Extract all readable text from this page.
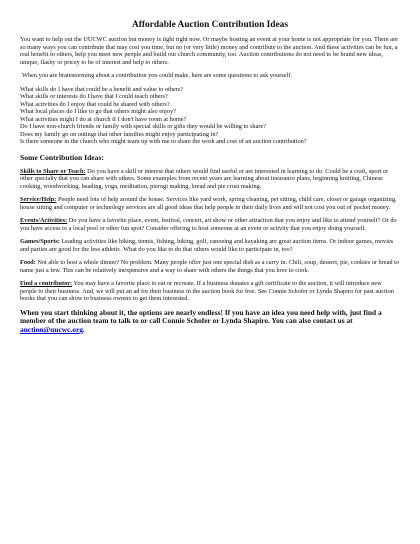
Affordable Auction Contribution Ideas

You want to help out the UUCWC auction but money is tight right now. Or maybe hosting an event at your home is not appropriate for you. There are so many ways you can contribute that may cost you time, but no (or very little) money and contribute to the auction. And these activities can be fun, a real benefit to others, help you meet new people and build our church community, too. Auction contributions do not need to be brand new ideas, unique, flashy or pricey to be of interest and help to others.

When you are brainstorming about a contribution you could make, here are some questions to ask yourself.

What skills do I have that could be a benefit and value to others?
What skills or interests do I have that I could teach others?
What activities do I enjoy that could be shared with others?
What local places do I like to go that others might also enjoy?
What activities might I do at church if I don't have room at home?
Do I have non-church friends or family with special skills or gifts they would be willing to share?
Does my family go on outings that other families might enjoy participating in?
Is there someone in the church who might team up with me to share the work and cost of an auction contribution?
Some Contribution Ideas:

Skills to Share or Teach: Do you have a skill or interest that others would find useful or are interested in learning to do. Could be a craft, sport or other specialty that you can share with others. Some examples from recent years are learning about insurance plans, beginning knitting, Chinese cooking, woodworking, beading, yoga, meditation, pierogi making, bread and pie crust making.

Service/Help: People need lots of help around the house. Services like yard work, spring cleaning, pet sitting, child care, closet or garage organizing, house sitting and computer or technology services are all good ideas that help people in their daily lives and will not cost you out of pocket money.

Events/Activities: Do you have a favorite place, event, festival, concert, art show or other attraction that you enjoy and like to attend yourself? Or do you have access to a local pool or other fun spot? Consider offering to host someone at an event or activity that you enjoy doing yourself.

Games/Sports: Leading activities like biking, tennis, fishing, hiking, golf, canoeing and kayaking are great auction items. Or indoor games, movies and parties are good for the less athletic. What do you like to do that others would like to participate in, too?

Food: Not able to host a whole dinner? No problem. Many people offer just one special dish as a carry in. Chili, soup, dessert, pie, cookies or bread to name just a few. This can be relatively inexpensive and a way to share with others the things that you love to cook.

Find a contributor: You may have a favorite place to eat or recreate. If a business donates a gift certificate to the auction, it will introduce new people to their business. And, we will put an ad for their business in the auction book for free. See Connie Schofer or Lynda Shapiro for past auction books that you can show to business owners to get them interested.

When you start thinking about it, the options are nearly endless! If you have an idea you need help with, just find a member of the auction team to talk to or call Connie Schofer or Lynda Shapiro. You can also contact us at auction@uucwc.org.
